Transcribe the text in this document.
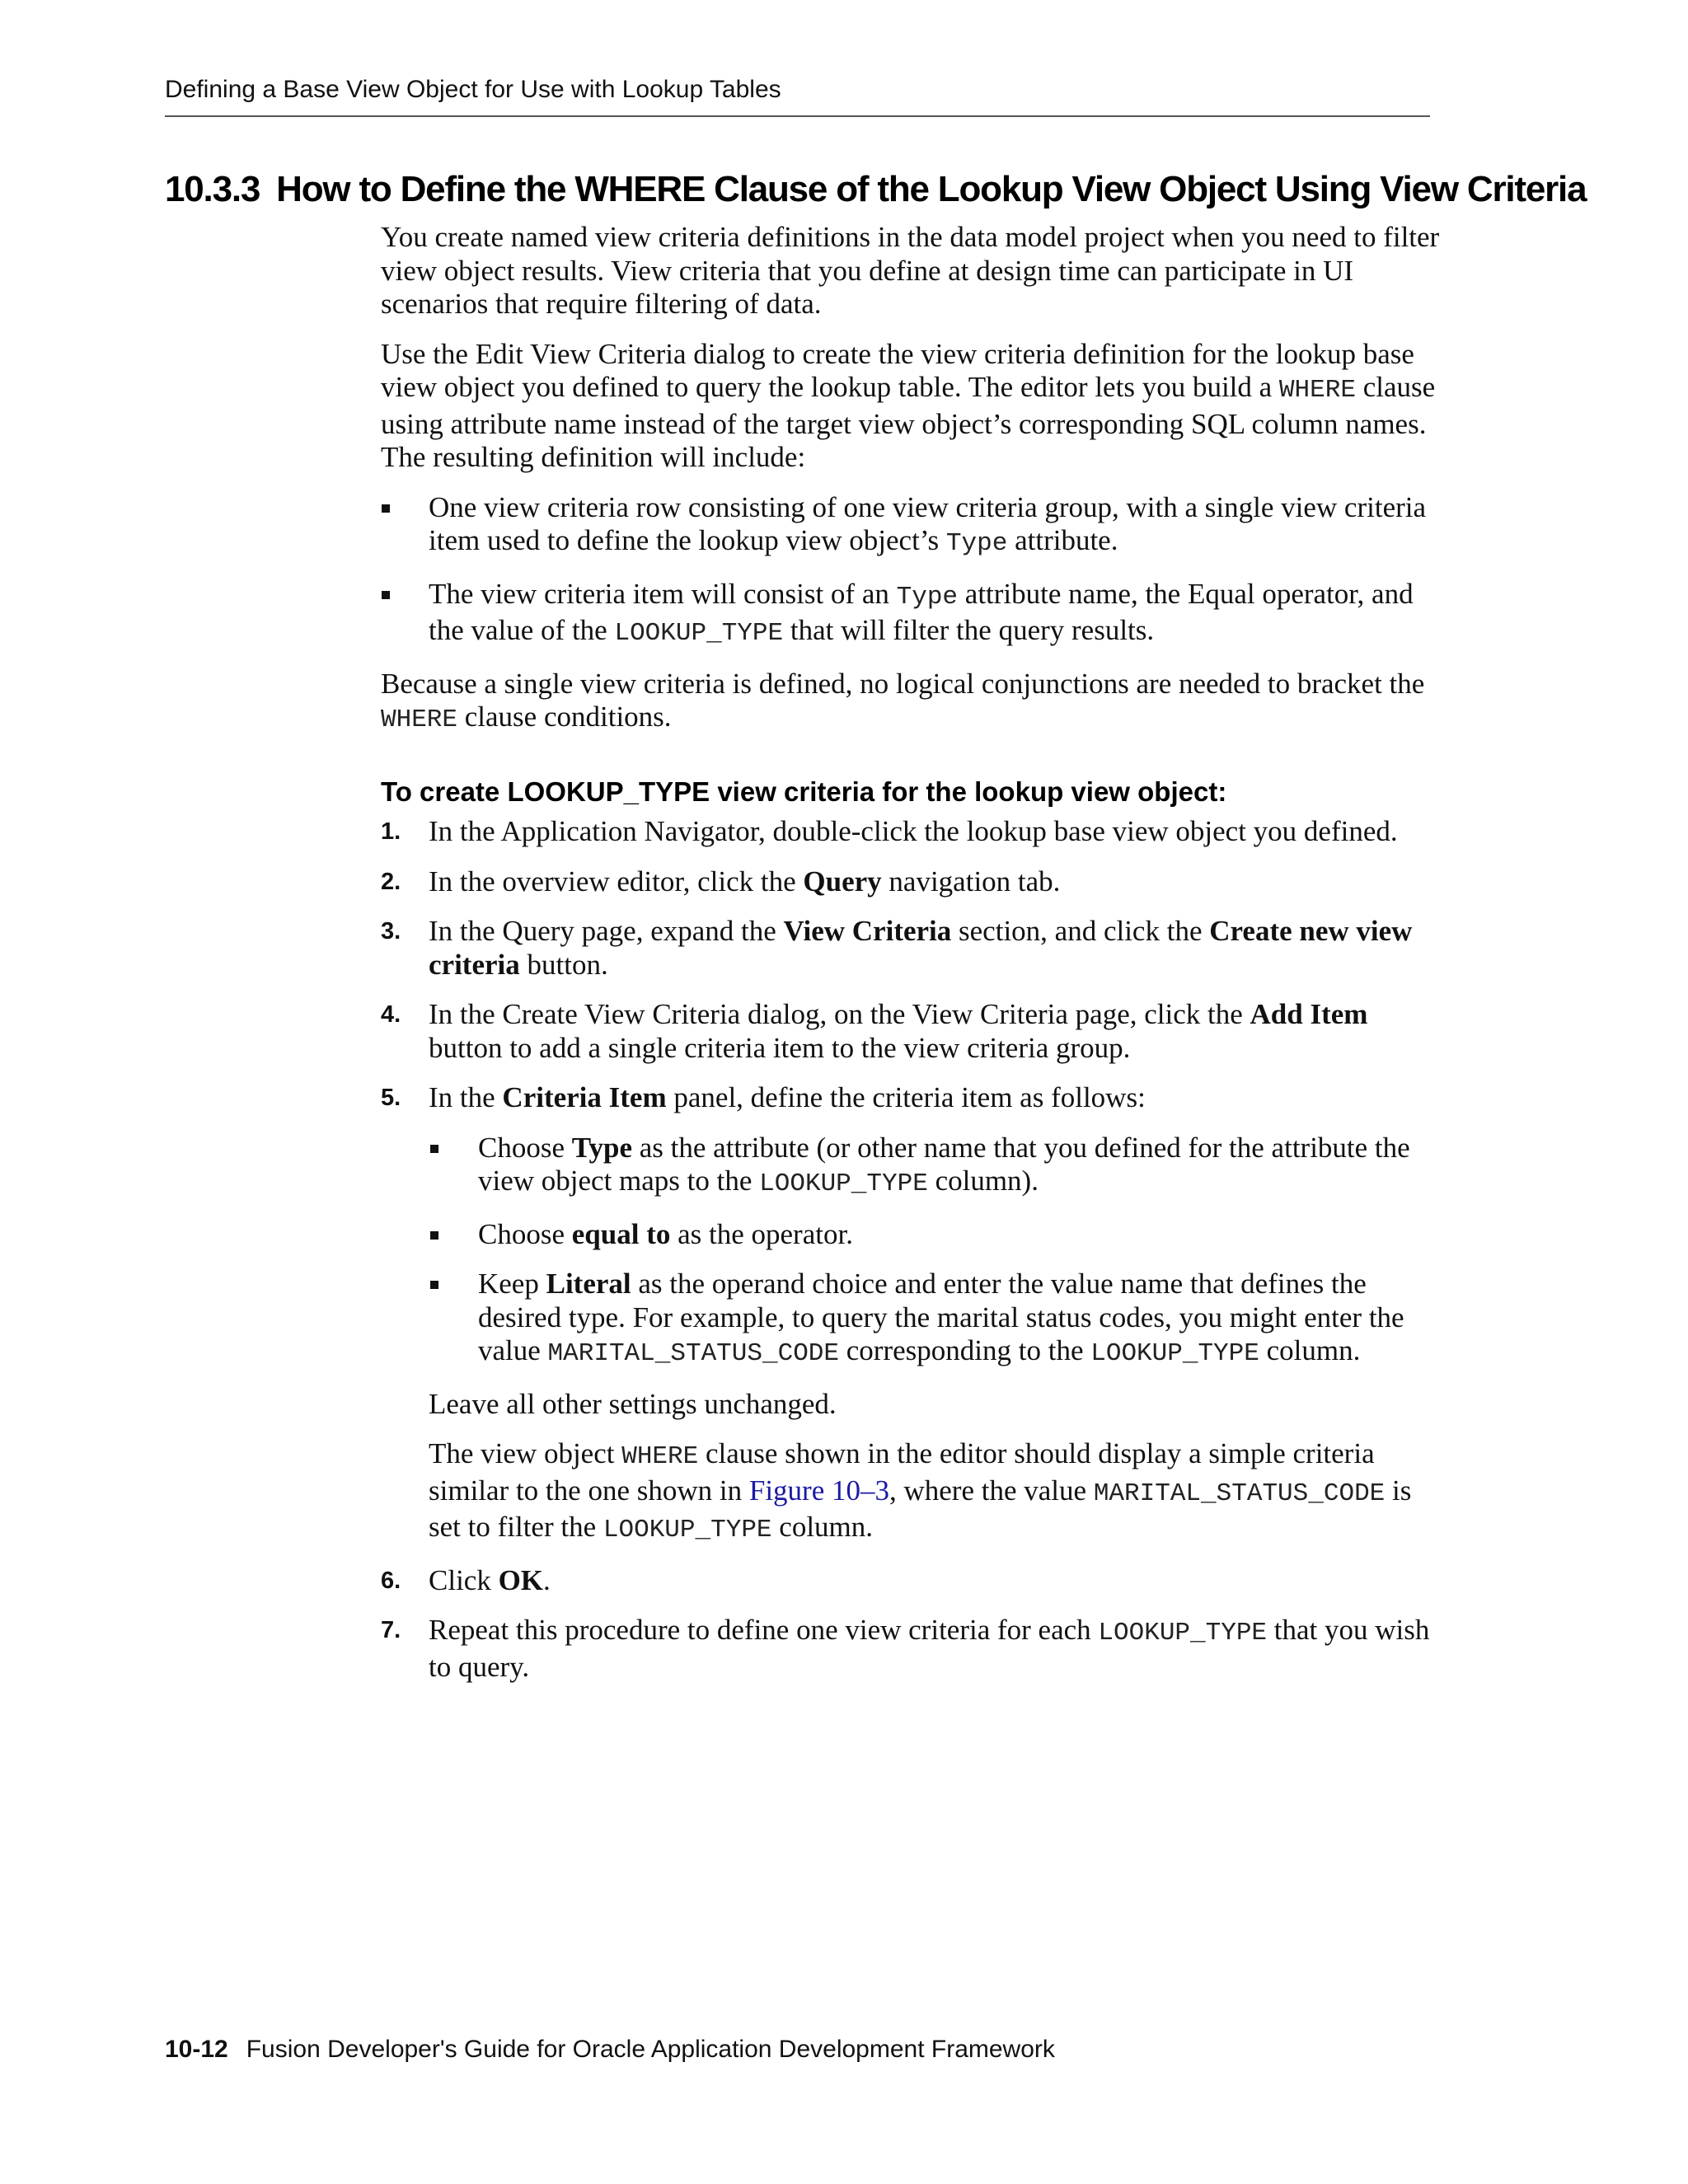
Defining a Base View Object for Use with Lookup Tables
10.3.3 How to Define the WHERE Clause of the Lookup View Object Using View Criteria

You create named view criteria definitions in the data model project when you need to filter view object results. View criteria that you define at design time can participate in UI scenarios that require filtering of data.

Use the Edit View Criteria dialog to create the view criteria definition for the lookup base view object you defined to query the lookup table. The editor lets you build a WHERE clause using attribute name instead of the target view object’s corresponding SQL column names. The resulting definition will include:

One view criteria row consisting of one view criteria group, with a single view criteria item used to define the lookup view object’s Type attribute.
The view criteria item will consist of an Type attribute name, the Equal operator, and the value of the LOOKUP_TYPE that will filter the query results.

Because a single view criteria is defined, no logical conjunctions are needed to bracket the WHERE clause conditions.

To create LOOKUP_TYPE view criteria for the lookup view object:
1. In the Application Navigator, double-click the lookup base view object you defined.
2. In the overview editor, click the Query navigation tab.
3. In the Query page, expand the View Criteria section, and click the Create new view criteria button.
4. In the Create View Criteria dialog, on the View Criteria page, click the Add Item button to add a single criteria item to the view criteria group.
5. In the Criteria Item panel, define the criteria item as follows:
Choose Type as the attribute (or other name that you defined for the attribute the view object maps to the LOOKUP_TYPE column).
Choose equal to as the operator.
Keep Literal as the operand choice and enter the value name that defines the desired type. For example, to query the marital status codes, you might enter the value MARITAL_STATUS_CODE corresponding to the LOOKUP_TYPE column.
Leave all other settings unchanged.
The view object WHERE clause shown in the editor should display a simple criteria similar to the one shown in Figure 10–3, where the value MARITAL_STATUS_CODE is set to filter the LOOKUP_TYPE column.
6. Click OK.
7. Repeat this procedure to define one view criteria for each LOOKUP_TYPE that you wish to query.
10-12 Fusion Developer's Guide for Oracle Application Development Framework
